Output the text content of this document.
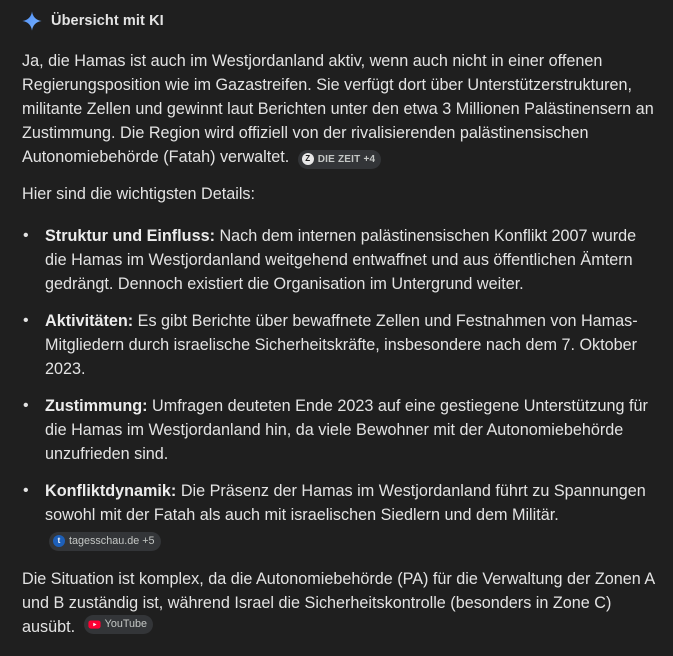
Übersicht mit KI

Ja, die Hamas ist auch im Westjordanland aktiv, wenn auch nicht in einer offenen Regierungsposition wie im Gazastreifen. Sie verfügt dort über Unterstützerstrukturen, militante Zellen und gewinnt laut Berichten unter den etwa 3 Millionen Palästinensern an Zustimmung. Die Region wird offiziell von der rivalisierenden palästinensischen Autonomiebehörde (Fatah) verwaltet.	Z DIE ZEIT +4

Hier sind die wichtigsten Details:

• Struktur und Einfluss: Nach dem internen palästinensischen Konflikt 2007 wurde die Hamas im Westjordanland weitgehend entwaffnet und aus öffentlichen Ämtern gedrängt. Dennoch existiert die Organisation im Untergrund weiter.
• Aktivitäten: Es gibt Berichte über bewaffnete Zellen und Festnahmen von Hamas-Mitgliedern durch israelische Sicherheitskräfte, insbesondere nach dem 7. Oktober 2023.
• Zustimmung: Umfragen deuteten Ende 2023 auf eine gestiegene Unterstützung für die Hamas im Westjordanland hin, da viele Bewohner mit der Autonomiebehörde unzufrieden sind.
• Konfliktdynamik: Die Präsenz der Hamas im Westjordanland führt zu Spannungen sowohl mit der Fatah als auch mit israelischen Siedlern und dem Militär.
t tagesschau.de +5

Die Situation ist komplex, da die Autonomiebehörde (PA) für die Verwaltung der Zonen A und B zuständig ist, während Israel die Sicherheitskontrolle (besonders in Zone C) ausübt.	YouTube
